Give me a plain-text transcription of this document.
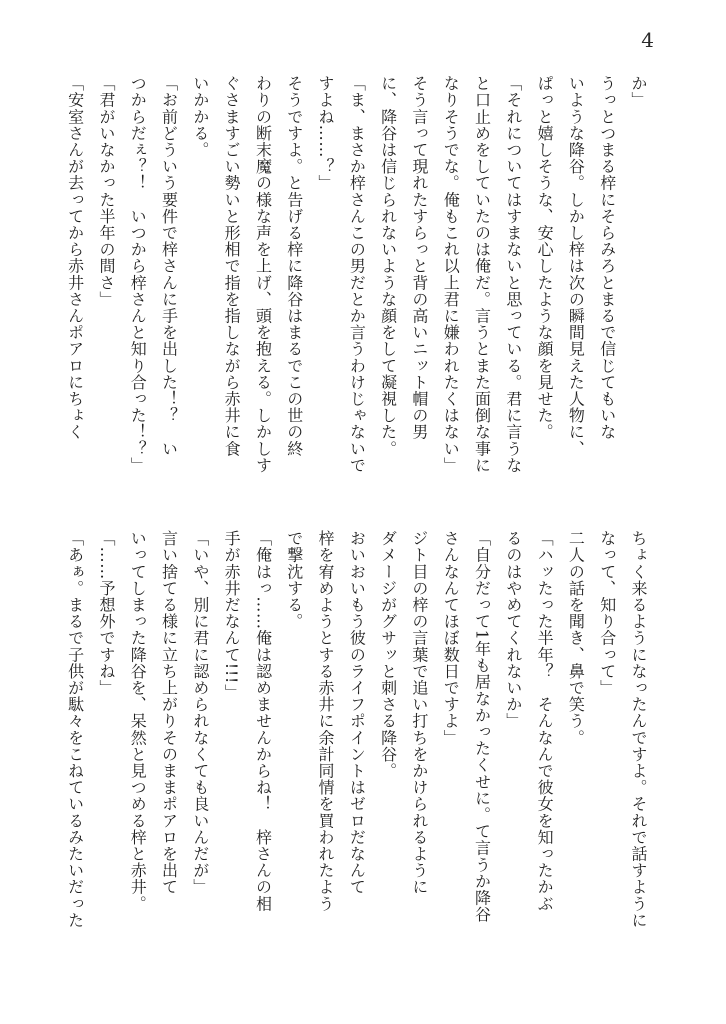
4
か」
うっとつまる梓にそらみろとまるで信じてもいな
いような降谷。しかし梓は次の瞬間見えた人物に、
ぱっと嬉しそうな、安心したような顔を見せた。
「それについてはすまないと思っている。君に言うな
と口止めをしていたのは俺だ。言うとまた面倒な事に
なりそうでな。俺もこれ以上君に嫌われたくはない」
そう言って現れたすらっと背の高いニット帽の男
に、降谷は信じられないような顔をして凝視した。
「ま、まさか梓さんこの男だとか言うわけじゃないで
すよね……？」
そうですよ。と告げる梓に降谷はまるでこの世の終
わりの断末魔の様な声を上げ、頭を抱える。しかしす
ぐさますごい勢いと形相で指を指しながら赤井に食
いかかる。
「お前どういう要件で梓さんに手を出した！？　い
つからだぇ？！　いつから梓さんと知り合った！？」
「君がいなかった半年の間さ」
「安室さんが去ってから赤井さんポアロにちょく
ちょく来るようになったんですよ。それで話すように
なって、知り合って」
二人の話を聞き、鼻で笑う。
「ハッたった半年？　そんなんで彼女を知ったかぶ
るのはやめてくれないか」
「自分だって1年も居なかったくせに。て言うか降谷
さんなんてほぼ数日ですよ」
ジト目の梓の言葉で追い打ちをかけられるように
ダメージがグサッと刺さる降谷。
おいおいもう彼のライフポイントはゼロだなんて
梓を宥めようとする赤井に余計同情を買われたよう
で撃沈する。
「俺はっ……俺は認めませんからね！　梓さんの相
手が赤井だなんて!!!」
「いや、別に君に認められなくても良いんだが」
言い捨てる様に立ち上がりそのままポアロを出て
いってしまった降谷を、呆然と見つめる梓と赤井。
「……予想外ですね」
「あぁ。まるで子供が駄々をこねているみたいだった
